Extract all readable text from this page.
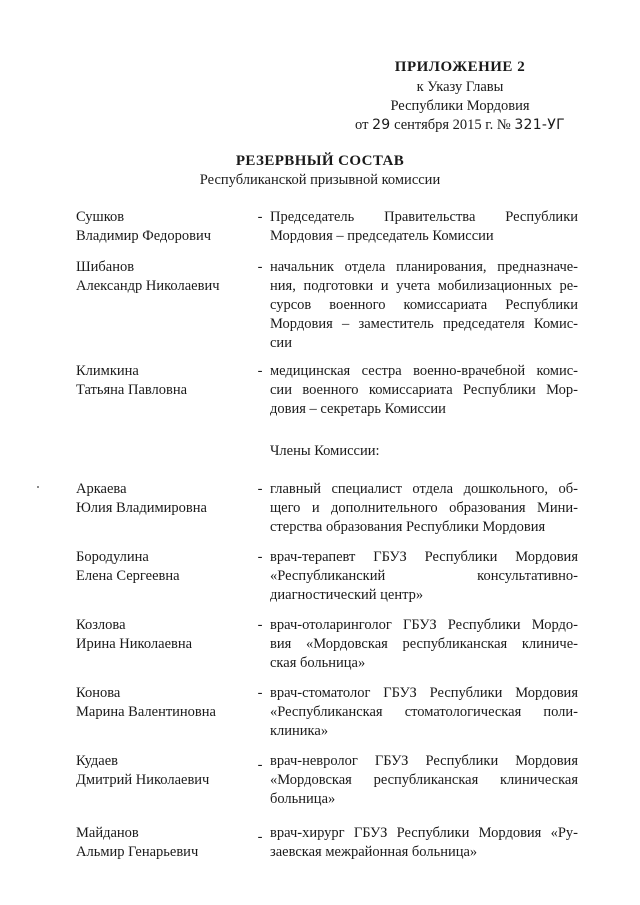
ПРИЛОЖЕНИЕ 2
к Указу Главы
Республики Мордовия
от 29 сентября 2015 г. № 321-УГ
РЕЗЕРВНЫЙ СОСТАВ
Республиканской призывной комиссии
Сушков
Владимир Федорович
- Председатель Правительства Республики
Мордовия – председатель Комиссии
Шибанов
Александр Николаевич
- начальник отдела планирования, предназначе-
ния, подготовки и учета мобилизационных ре-
сурсов военного комиссариата Республики
Мордовия – заместитель председателя Комис-
сии
Климкина
Татьяна Павловна
- медицинская сестра военно-врачебной комис-
сии военного комиссариата Республики Мор-
довия – секретарь Комиссии
Аркаева
Юлия Владимировна
- главный специалист отдела дошкольного, об-
щего и дополнительного образования Мини-
стерства образования Республики Мордовия
Бородулина
Елена Сергеевна
- врач-терапевт ГБУЗ Республики Мордовия
«Республиканский консультативно-
диагностический центр»
Козлова
Ирина Николаевна
- врач-отоларинголог ГБУЗ Республики Мордо-
вия «Мордовская республиканская клиниче-
ская больница»
Конова
Марина Валентиновна
- врач-стоматолог ГБУЗ Республики Мордовия
«Республиканская стоматологическая поли-
клиника»
Кудаев
Дмитрий Николаевич
- врач-невролог ГБУЗ Республики Мордовия
«Мордовская республиканская клиническая
больница»
Майданов
Альмир Генарьевич
- врач-хирург ГБУЗ Республики Мордовия «Ру-
заевская межрайонная больница»
Члены Комиссии:
